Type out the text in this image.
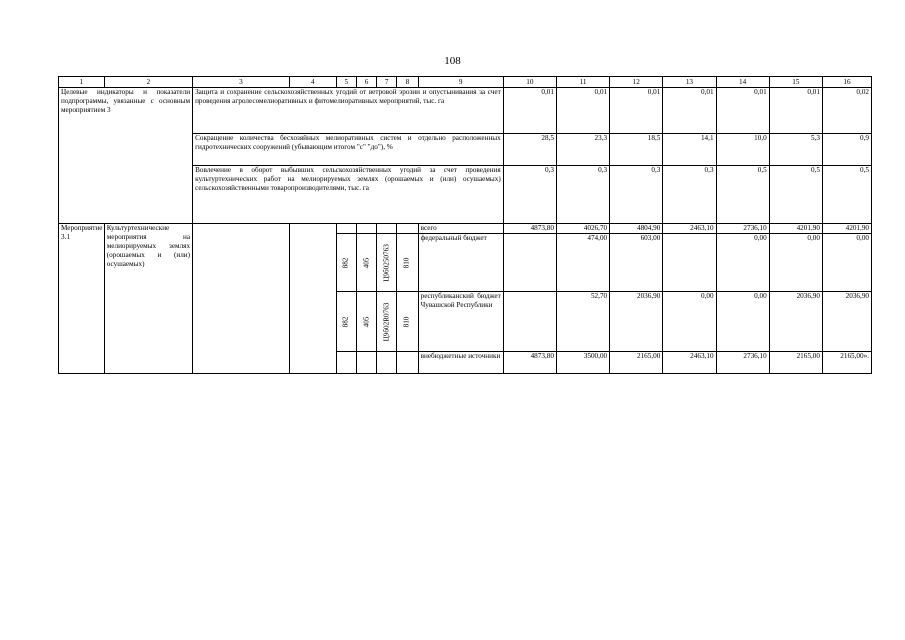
108
1	2	3	4	5	6	7	8	9	10	11	12	13	14	15	16
Целевые индикаторы и показатели подпрограммы, увязанные с основным мероприятием 3		Защита и сохранение сельскохозяйственных угодий от ветровой эрозии и опустынивания за счет проведения агролесомелиоративных и фитомелиоративных мероприятий, тыс. га							0,01	0,01	0,01	0,01	0,01	0,01	0,02
		Сокращение количества бесхозяйных мелиоративных систем и отдельно расположенных гидротехнических сооружений (убывающим итогом "с" "до"), %							28,5	23,3	18,5	14,1	10,0	5,3	0,9
		Вовлечение в оборот выбывших сельскохозяйственных угодий за счет проведения культуртехнических работ на мелиорируемых землях (орошаемых и (или) осушаемых) сельскохозяйственными товаропроизводителями, тыс. га							0,3	0,3	0,3	0,3	0,5	0,5	0,5
Мероприятие 3.1	Культуртехнические мероприятия на мелиорируемых землях (орошаемых и (или) осушаемых)							всего	4873,80	4026,70	4804,90	2463,10	2736,10	4201,90	4201,90

				882	405	Ц9б0250763	810	федеральный бюджет		474,00	603,00		0,00	0,00	0,00

				882	405	Ц9б02R0763	810	республиканский бюджет Чувашской Республики		52,70	2036,90	0,00	0,00	2036,90	2036,90
								внебюджетные источники	4873,80	3500,00	2165,00	2463,10	2736,10	2165,00	2165,00».
